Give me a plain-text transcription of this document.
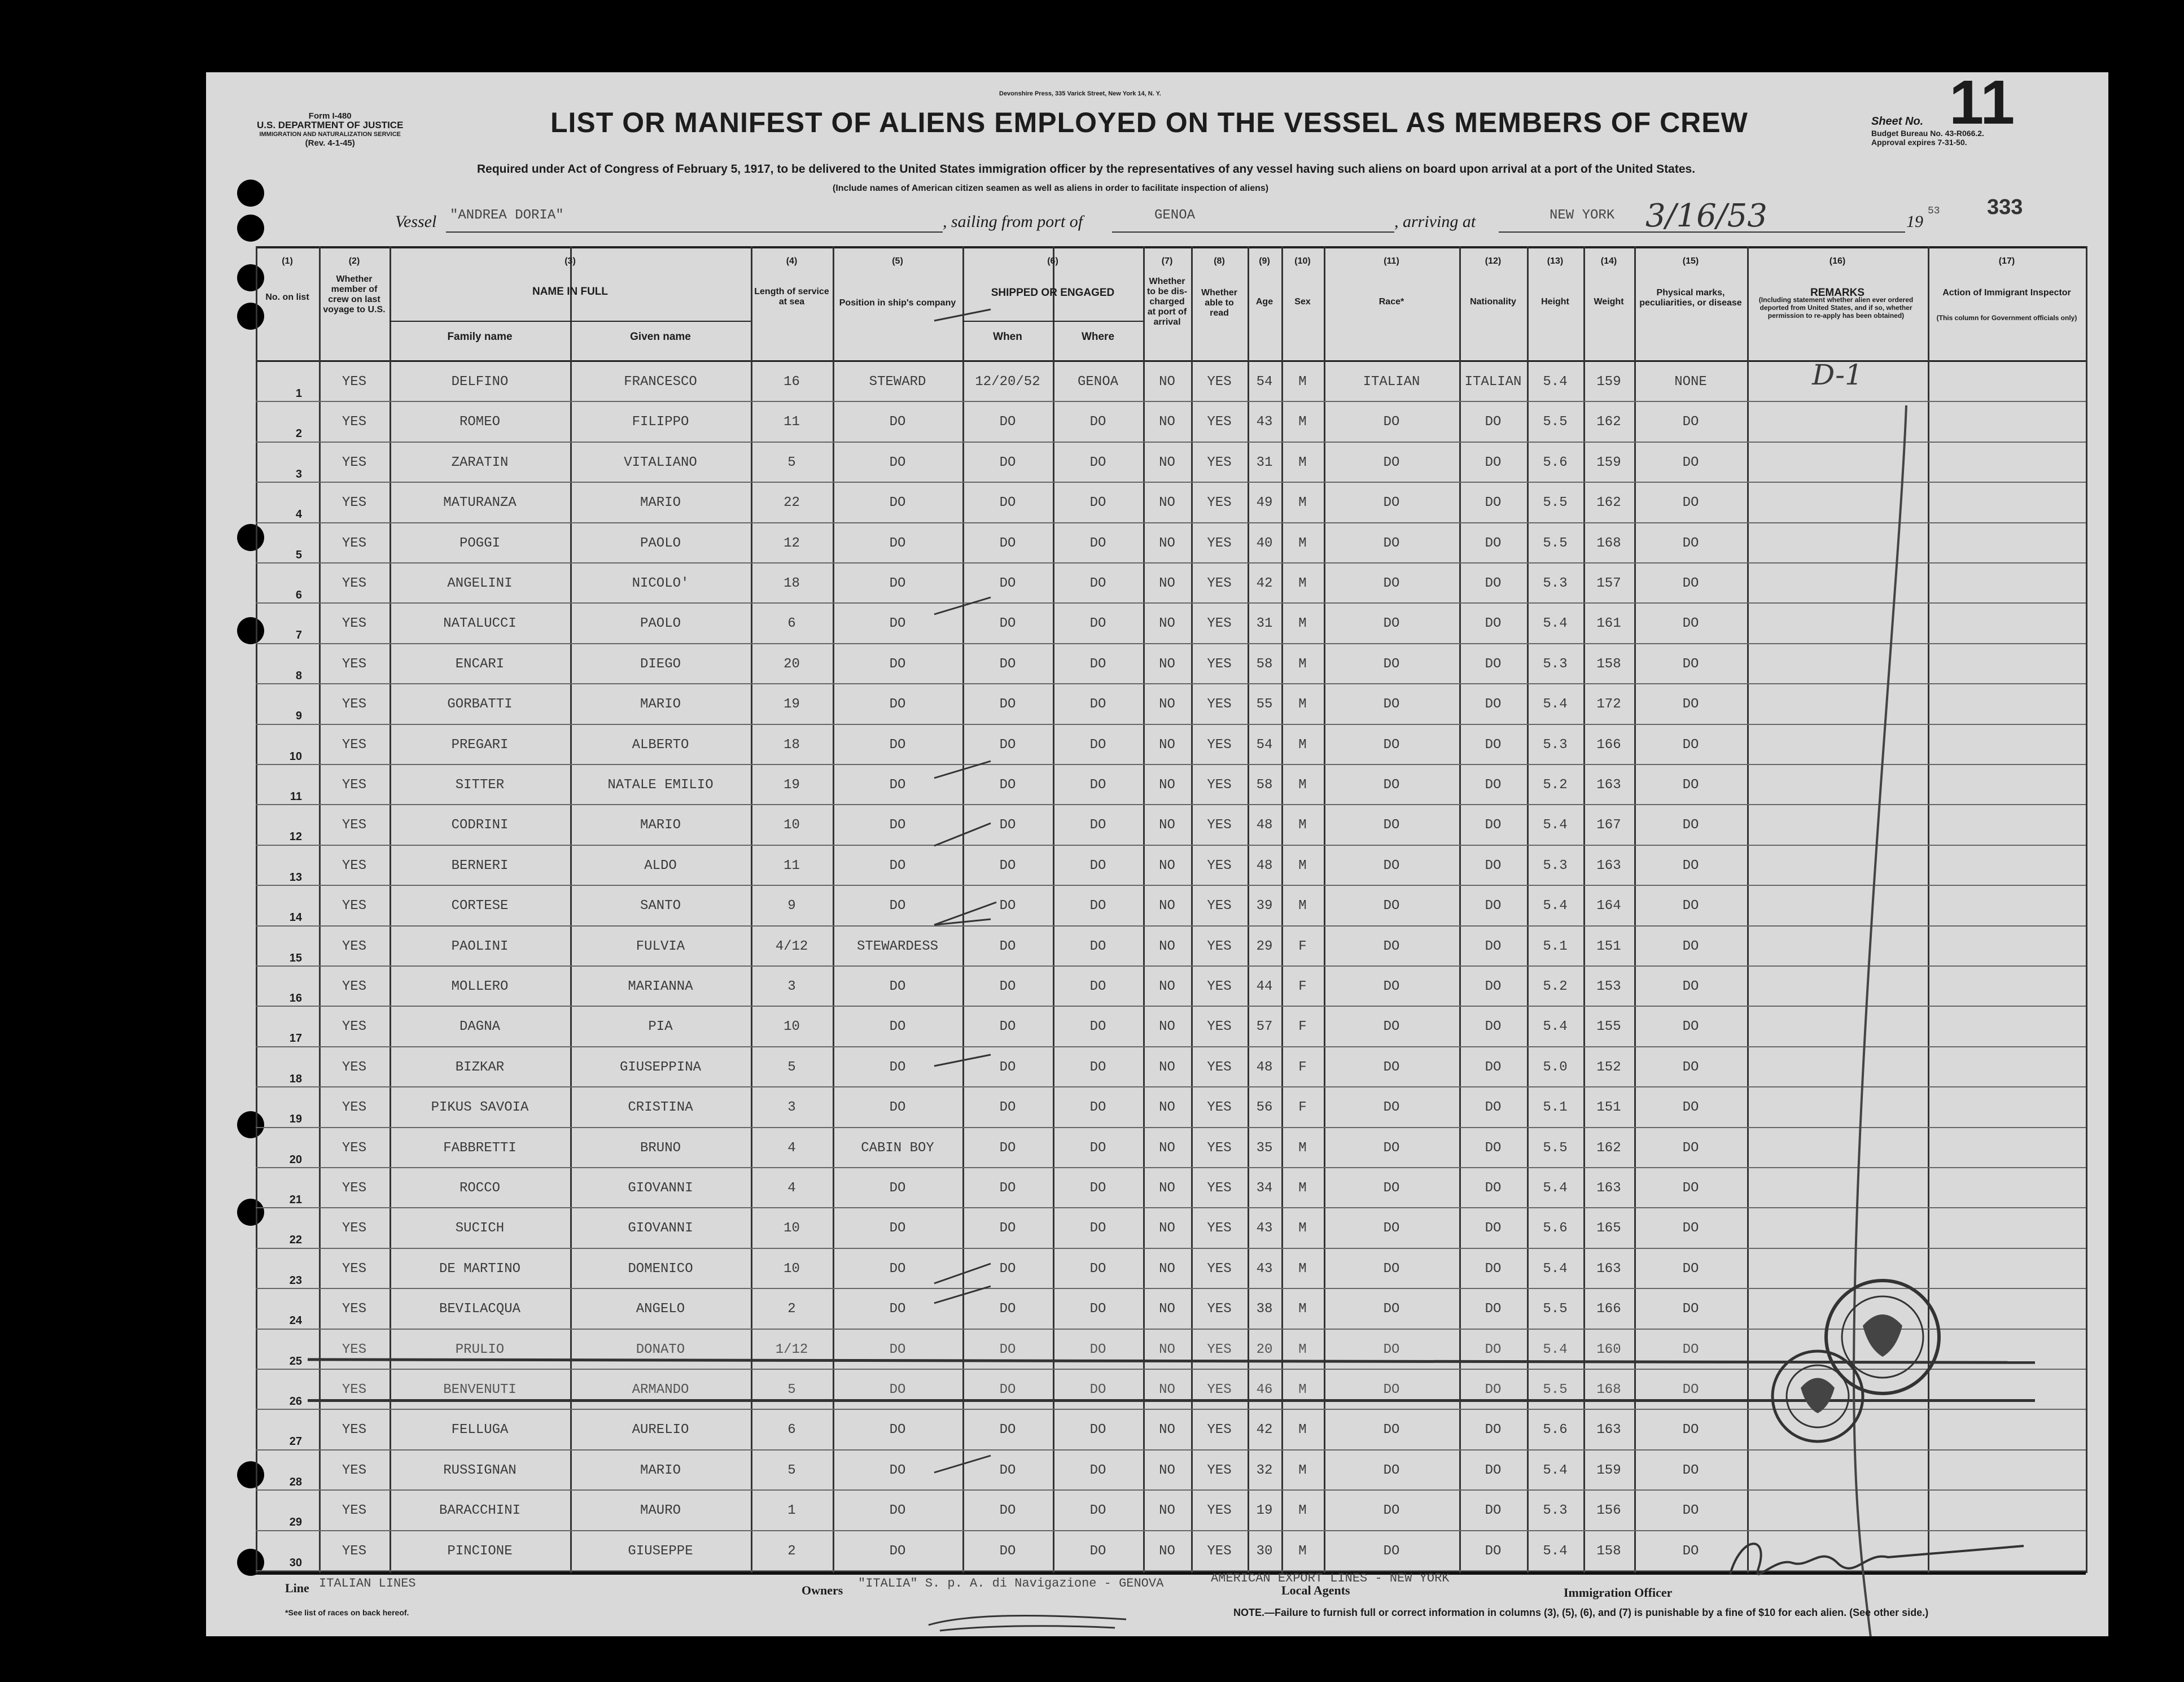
Form I-480
U.S. DEPARTMENT OF JUSTICE
IMMIGRATION AND NATURALIZATION SERVICE
(Rev. 4-1-45)
Devonshire Press, 335 Varick Street, New York 14, N. Y.
LIST OR MANIFEST OF ALIENS EMPLOYED ON THE VESSEL AS MEMBERS OF CREW
Required under Act of Congress of February 5, 1917, to be delivered to the United States immigration officer by the representatives of any vessel having such aliens on board upon arrival at a port of the United States.
(Include names of American citizen seamen as well as aliens in order to facilitate inspection of aliens)
Sheet No. 11
Budget Bureau No. 43-R066.2.
Approval expires 7-31-50.
333
Vessel "ANDREA DORIA"	, sailing from port of	GENOA	, arriving at	NEW YORK 3/16/53	19
53
(1)
No. on list
(2)
Whether member of crew on last voyage to U.S.
(3)
NAME IN FULL
(4)
Length of service at sea
(5)
Position in ship's company
(6)
SHIPPED OR ENGAGED
(7)
Whether to be dis-charged at port of arrival
(8)
Whether able to read
(9)
Age
(10)
Sex
(11)
Race*
(12)
Nationality
(13)
Height
(14)
Weight
(15)
Physical marks, peculiarities, or disease
(16)
REMARKS
(17)
Action of Immigrant Inspector
Family name	Given name	When	Where
(Including statement whether alien ever ordered deported from United States, and if so, whether permission to re-apply has been obtained)	(This column for Government officials only)
1
YES	DELFINO	FRANCESCO	16	STEWARD	12/20/52	GENOA	NO	YES	54	M	ITALIAN	ITALIAN	5.4	159	NONE	D-1
2
YES	ROMEO	FILIPPO	11	DO	DO	DO	NO	YES	43	M	DO	DO	5.5	162	DO
3
YES	ZARATIN	VITALIANO	5	DO	DO	DO	NO	YES	31	M	DO	DO	5.6	159	DO
4
YES	MATURANZA	MARIO	22	DO	DO	DO	NO	YES	49	M	DO	DO	5.5	162	DO
5
YES	POGGI	PAOLO	12	DO	DO	DO	NO	YES	40	M	DO	DO	5.5	168	DO
6
YES	ANGELINI	NICOLO'	18	DO	DO	DO	NO	YES	42	M	DO	DO	5.3	157	DO
7
YES	NATALUCCI	PAOLO	6	DO	DO	DO	NO	YES	31	M	DO	DO	5.4	161	DO
8
YES	ENCARI	DIEGO	20	DO	DO	DO	NO	YES	58	M	DO	DO	5.3	158	DO
9
YES	GORBATTI	MARIO	19	DO	DO	DO	NO	YES	55	M	DO	DO	5.4	172	DO
10
YES	PREGARI	ALBERTO	18	DO	DO	DO	NO	YES	54	M	DO	DO	5.3	166	DO
11
YES	SITTER	NATALE EMILIO	19	DO	DO	DO	NO	YES	58	M	DO	DO	5.2	163	DO
12
YES	CODRINI	MARIO	10	DO	DO	DO	NO	YES	48	M	DO	DO	5.4	167	DO
13
YES	BERNERI	ALDO	11	DO	DO	DO	NO	YES	48	M	DO	DO	5.3	163	DO
14
YES	CORTESE	SANTO	9	DO	DO	DO	NO	YES	39	M	DO	DO	5.4	164	DO
15
YES	PAOLINI	FULVIA	4/12	STEWARDESS	DO	DO	NO	YES	29	F	DO	DO	5.1	151	DO
16
YES	MOLLERO	MARIANNA	3	DO	DO	DO	NO	YES	44	F	DO	DO	5.2	153	DO
17
YES	DAGNA	PIA	10	DO	DO	DO	NO	YES	57	F	DO	DO	5.4	155	DO
18
YES	BIZKAR	GIUSEPPINA	5	DO	DO	DO	NO	YES	48	F	DO	DO	5.0	152	DO
19
YES	PIKUS SAVOIA	CRISTINA	3	DO	DO	DO	NO	YES	56	F	DO	DO	5.1	151	DO
20
YES	FABBRETTI	BRUNO	4	CABIN BOY	DO	DO	NO	YES	35	M	DO	DO	5.5	162	DO
21
YES	ROCCO	GIOVANNI	4	DO	DO	DO	NO	YES	34	M	DO	DO	5.4	163	DO
22
YES	SUCICH	GIOVANNI	10	DO	DO	DO	NO	YES	43	M	DO	DO	5.6	165	DO
23
YES	DE MARTINO	DOMENICO	10	DO	DO	DO	NO	YES	43	M	DO	DO	5.4	163	DO
24
YES	BEVILACQUA	ANGELO	2	DO	DO	DO	NO	YES	38	M	DO	DO	5.5	166	DO
25
YES	PRULIO	DONATO	1/12	DO	DO	DO	NO	YES	20	M	DO	DO	5.4	160	DO
26
YES	BENVENUTI	ARMANDO	5	DO	DO	DO	NO	YES	46	M	DO	DO	5.5	168	DO
27
YES	FELLUGA	AURELIO	6	DO	DO	DO	NO	YES	42	M	DO	DO	5.6	163	DO
28
YES	RUSSIGNAN	MARIO	5	DO	DO	DO	NO	YES	32	M	DO	DO	5.4	159	DO
29
YES	BARACCHINI	MAURO	1	DO	DO	DO	NO	YES	19	M	DO	DO	5.3	156	DO
30
YES	PINCIONE	GIUSEPPE	2	DO	DO	DO	NO	YES	30	M	DO	DO	5.4	158	DO
Line ITALIAN LINES	Owners "ITALIA" S. p. A. di Navigazione - GENOVA	Local Agents
AMERICAN EXPORT LINES - NEW YORK
Immigration Officer
*See list of races on back hereof.	NOTE.—Failure to furnish full or correct information in columns (3), (5), (6), and (7) is punishable by a fine of $10 for each alien. (See other side.)
